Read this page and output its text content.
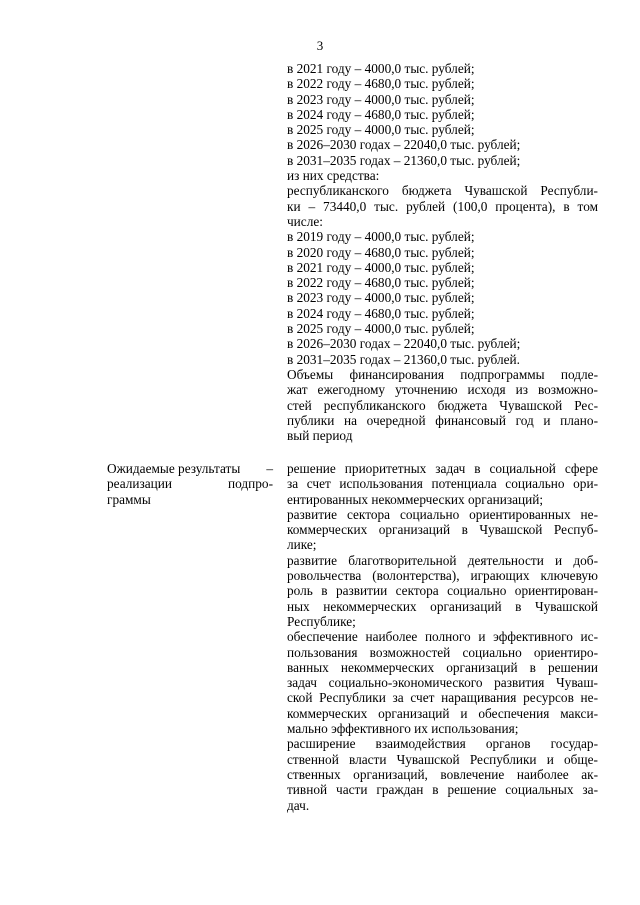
3
в 2021 году – 4000,0 тыс. рублей;
в 2022 году – 4680,0 тыс. рублей;
в 2023 году – 4000,0 тыс. рублей;
в 2024 году – 4680,0 тыс. рублей;
в 2025 году – 4000,0 тыс. рублей;
в 2026–2030 годах – 22040,0 тыс. рублей;
в 2031–2035 годах – 21360,0 тыс. рублей;
из них средства:
республиканского бюджета Чувашской Республи-
ки – 73440,0 тыс. рублей (100,0 процента), в том
числе:
в 2019 году – 4000,0 тыс. рублей;
в 2020 году – 4680,0 тыс. рублей;
в 2021 году – 4000,0 тыс. рублей;
в 2022 году – 4680,0 тыс. рублей;
в 2023 году – 4000,0 тыс. рублей;
в 2024 году – 4680,0 тыс. рублей;
в 2025 году – 4000,0 тыс. рублей;
в 2026–2030 годах – 22040,0 тыс. рублей;
в 2031–2035 годах – 21360,0 тыс. рублей.
Объемы финансирования подпрограммы подле-
жат ежегодному уточнению исходя из возможно-
стей республиканского бюджета Чувашской Рес-
публики на очередной финансовый год и плано-
вый период
Ожидаемые результаты –
реализации подпро-
граммы
решение приоритетных задач в социальной сфере
за счет использования потенциала социально ори-
ентированных некоммерческих организаций;
развитие сектора социально ориентированных не-
коммерческих организаций в Чувашской Респуб-
лике;
развитие благотворительной деятельности и доб-
ровольчества (волонтерства), играющих ключевую
роль в развитии сектора социально ориентирован-
ных некоммерческих организаций в Чувашской
Республике;
обеспечение наиболее полного и эффективного ис-
пользования возможностей социально ориентиро-
ванных некоммерческих организаций в решении
задач социально-экономического развития Чуваш-
ской Республики за счет наращивания ресурсов не-
коммерческих организаций и обеспечения макси-
мально эффективного их использования;
расширение взаимодействия органов государ-
ственной власти Чувашской Республики и обще-
ственных организаций, вовлечение наиболее ак-
тивной части граждан в решение социальных за-
дач.
